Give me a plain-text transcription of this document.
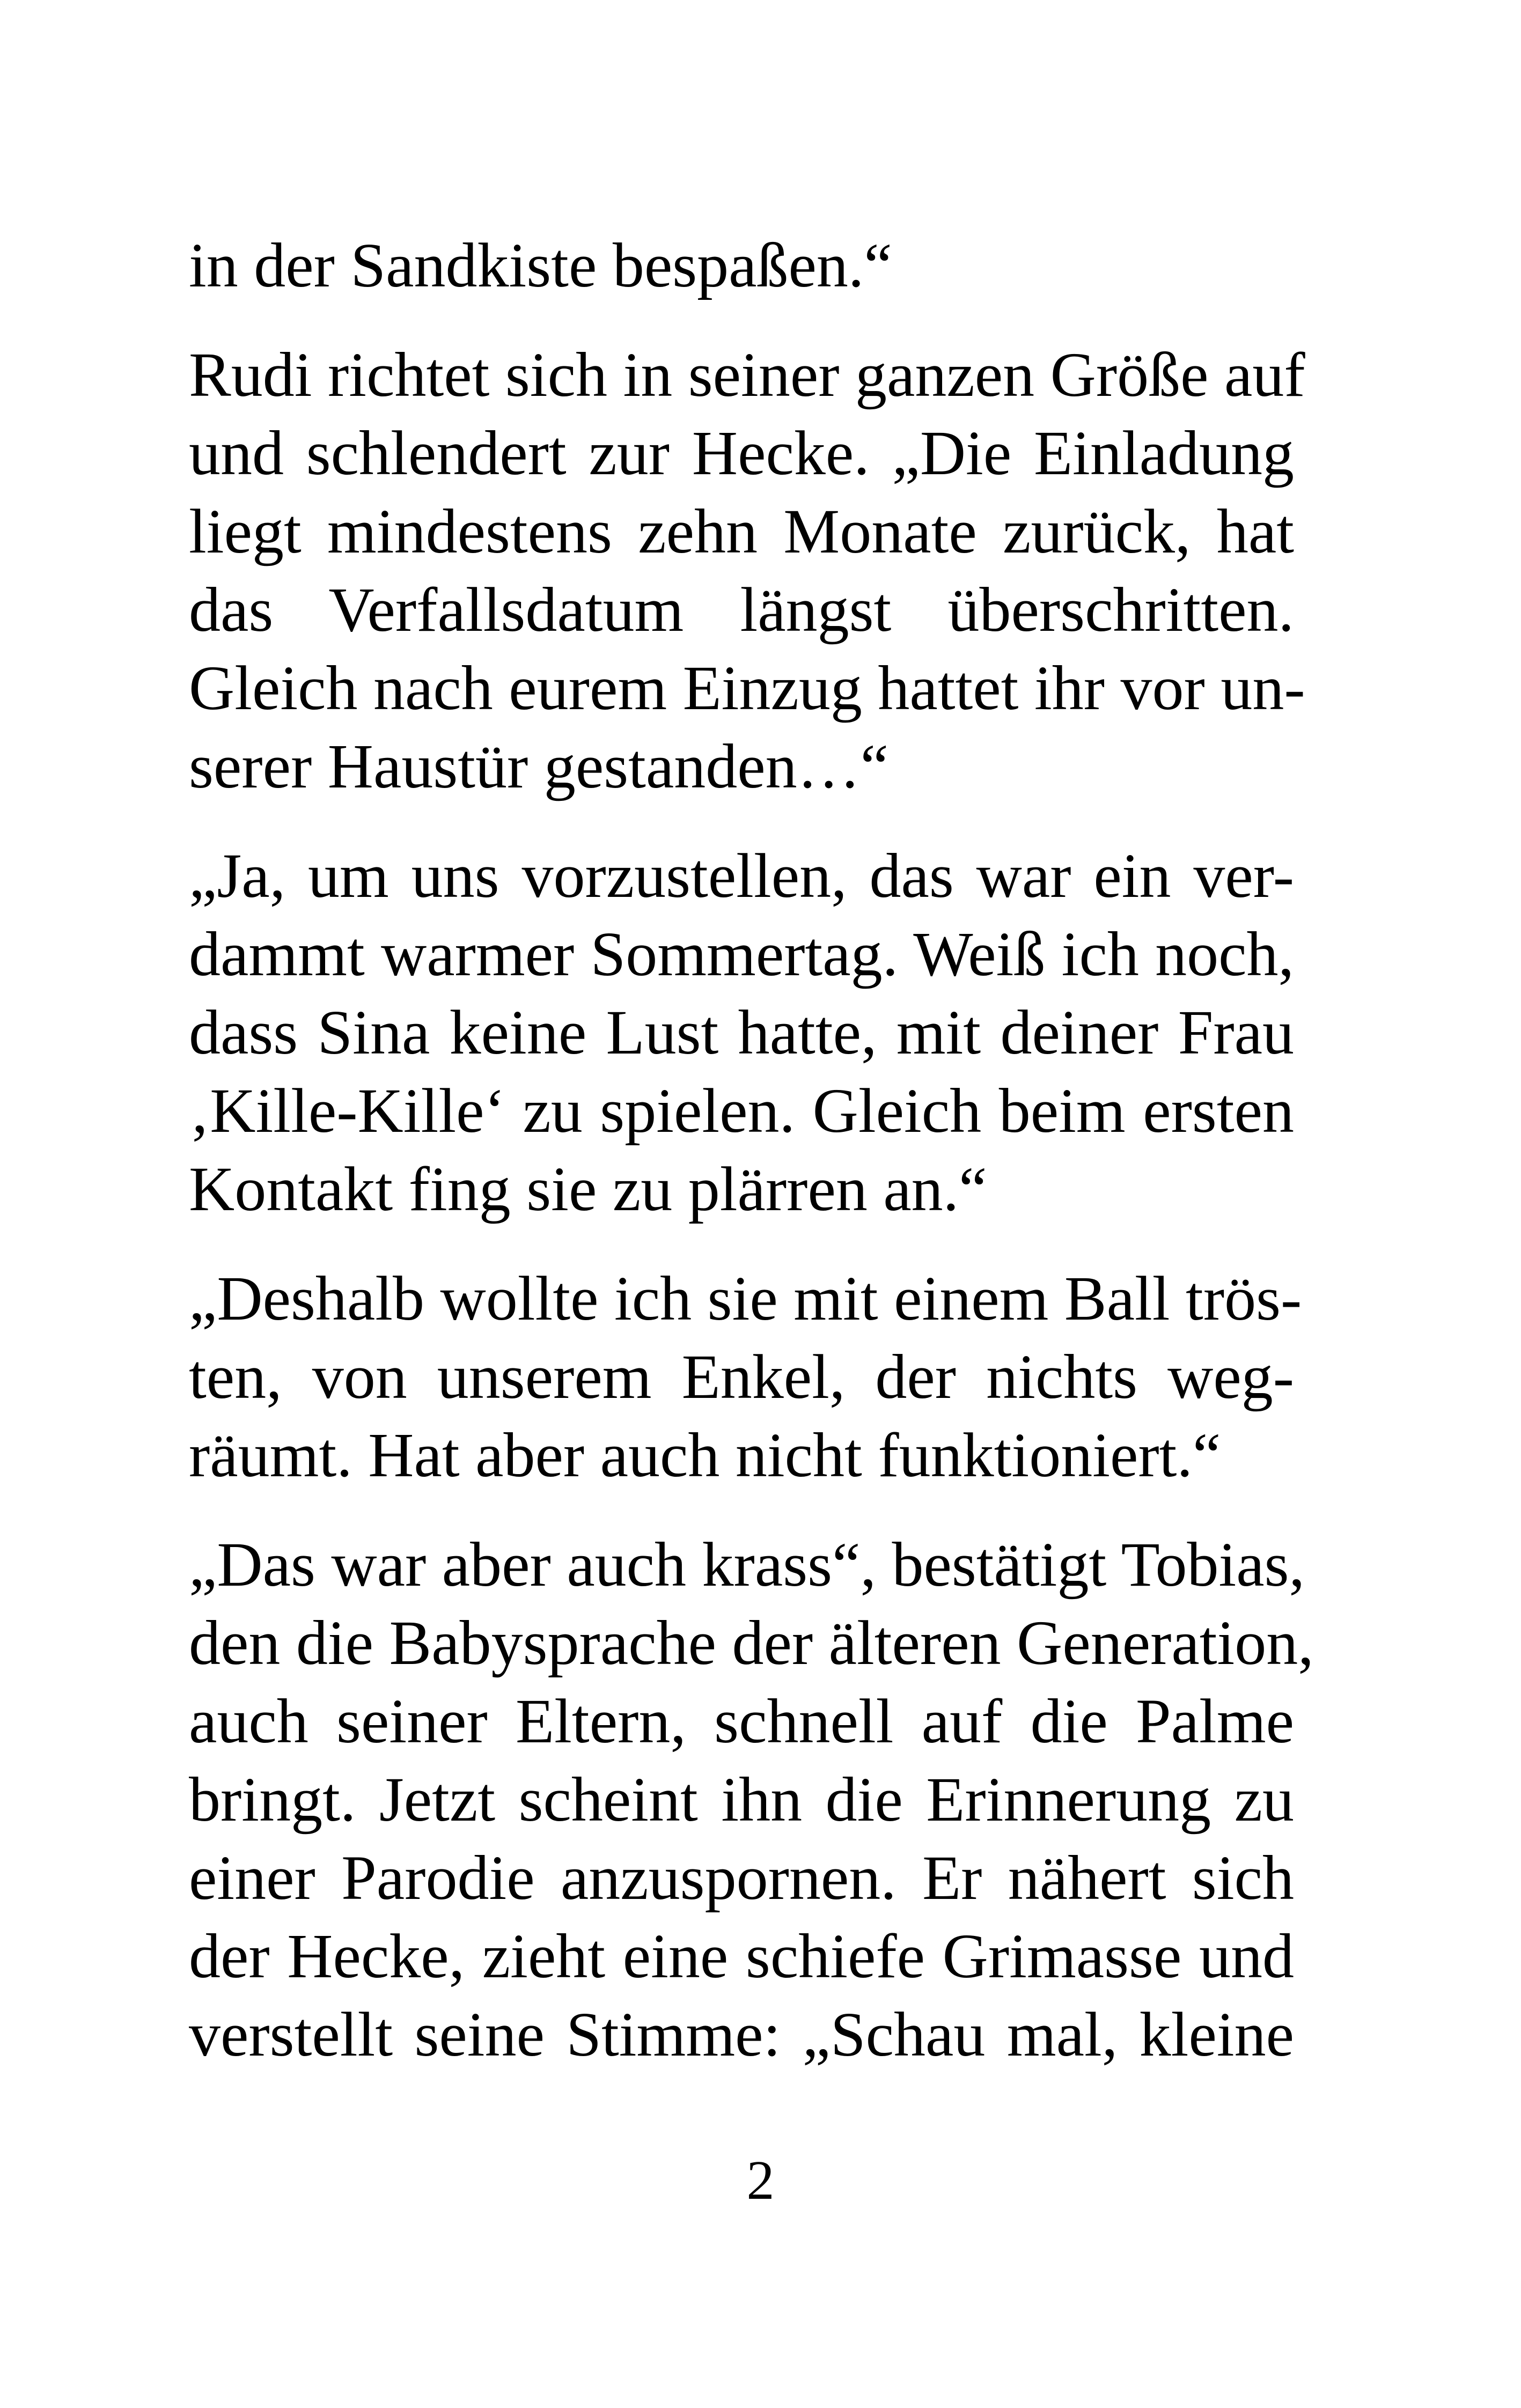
in der Sandkiste bespaßen.“
Rudi richtet sich in seiner ganzen Größe auf
und schlendert zur Hecke. „Die Einladung
liegt mindestens zehn Monate zurück, hat
das Verfallsdatum längst überschritten.
Gleich nach eurem Einzug hattet ihr vor un-
serer Haustür gestanden…“
„Ja, um uns vorzustellen, das war ein ver-
dammt warmer Sommertag. Weiß ich noch,
dass Sina keine Lust hatte, mit deiner Frau
‚Kille-Kille‘ zu spielen. Gleich beim ersten
Kontakt fing sie zu plärren an.“
„Deshalb wollte ich sie mit einem Ball trös-
ten, von unserem Enkel, der nichts weg-
räumt. Hat aber auch nicht funktioniert.“
„Das war aber auch krass“, bestätigt Tobias,
den die Babysprache der älteren Generation,
auch seiner Eltern, schnell auf die Palme
bringt. Jetzt scheint ihn die Erinnerung zu
einer Parodie anzuspornen. Er nähert sich
der Hecke, zieht eine schiefe Grimasse und
verstellt seine Stimme: „Schau mal, kleine
2
